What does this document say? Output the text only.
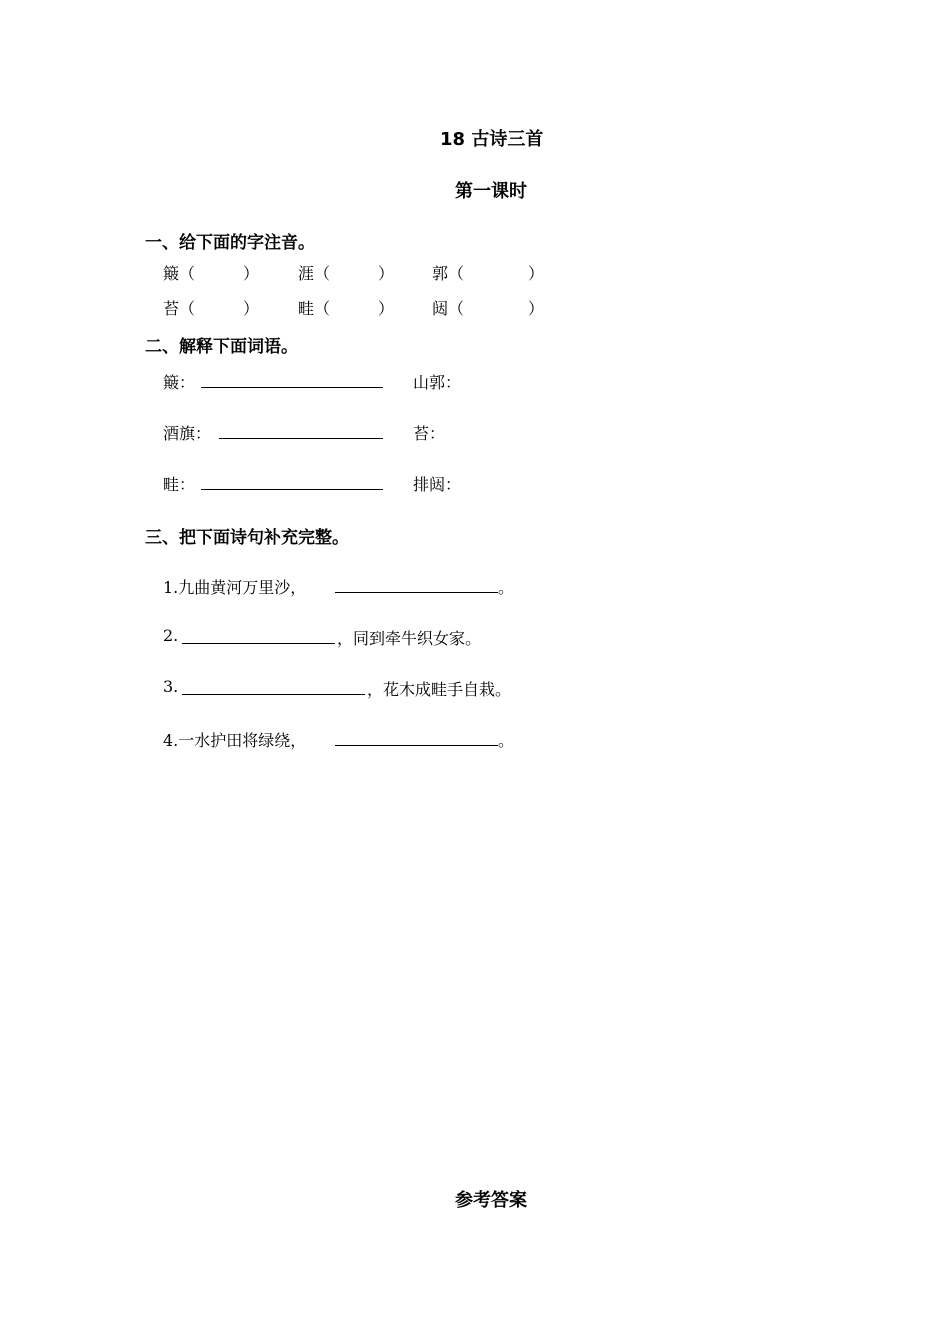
18 古诗三首
第一课时
一、给下面的字注音。
簸（　　　） 涯（　　　） 郭（　　　　）
苔（　　　） 畦（　　　） 闼（　　　　）
二、解释下面词语。
簸：	山郭：
酒旗：	苔：
畦：	排闼：
三、把下面诗句补充完整。
1.九曲黄河万里沙，	。
2.	，同到牵牛织女家。
3.	，花木成畦手自栽。
4.一水护田将绿绕，	。
参考答案
